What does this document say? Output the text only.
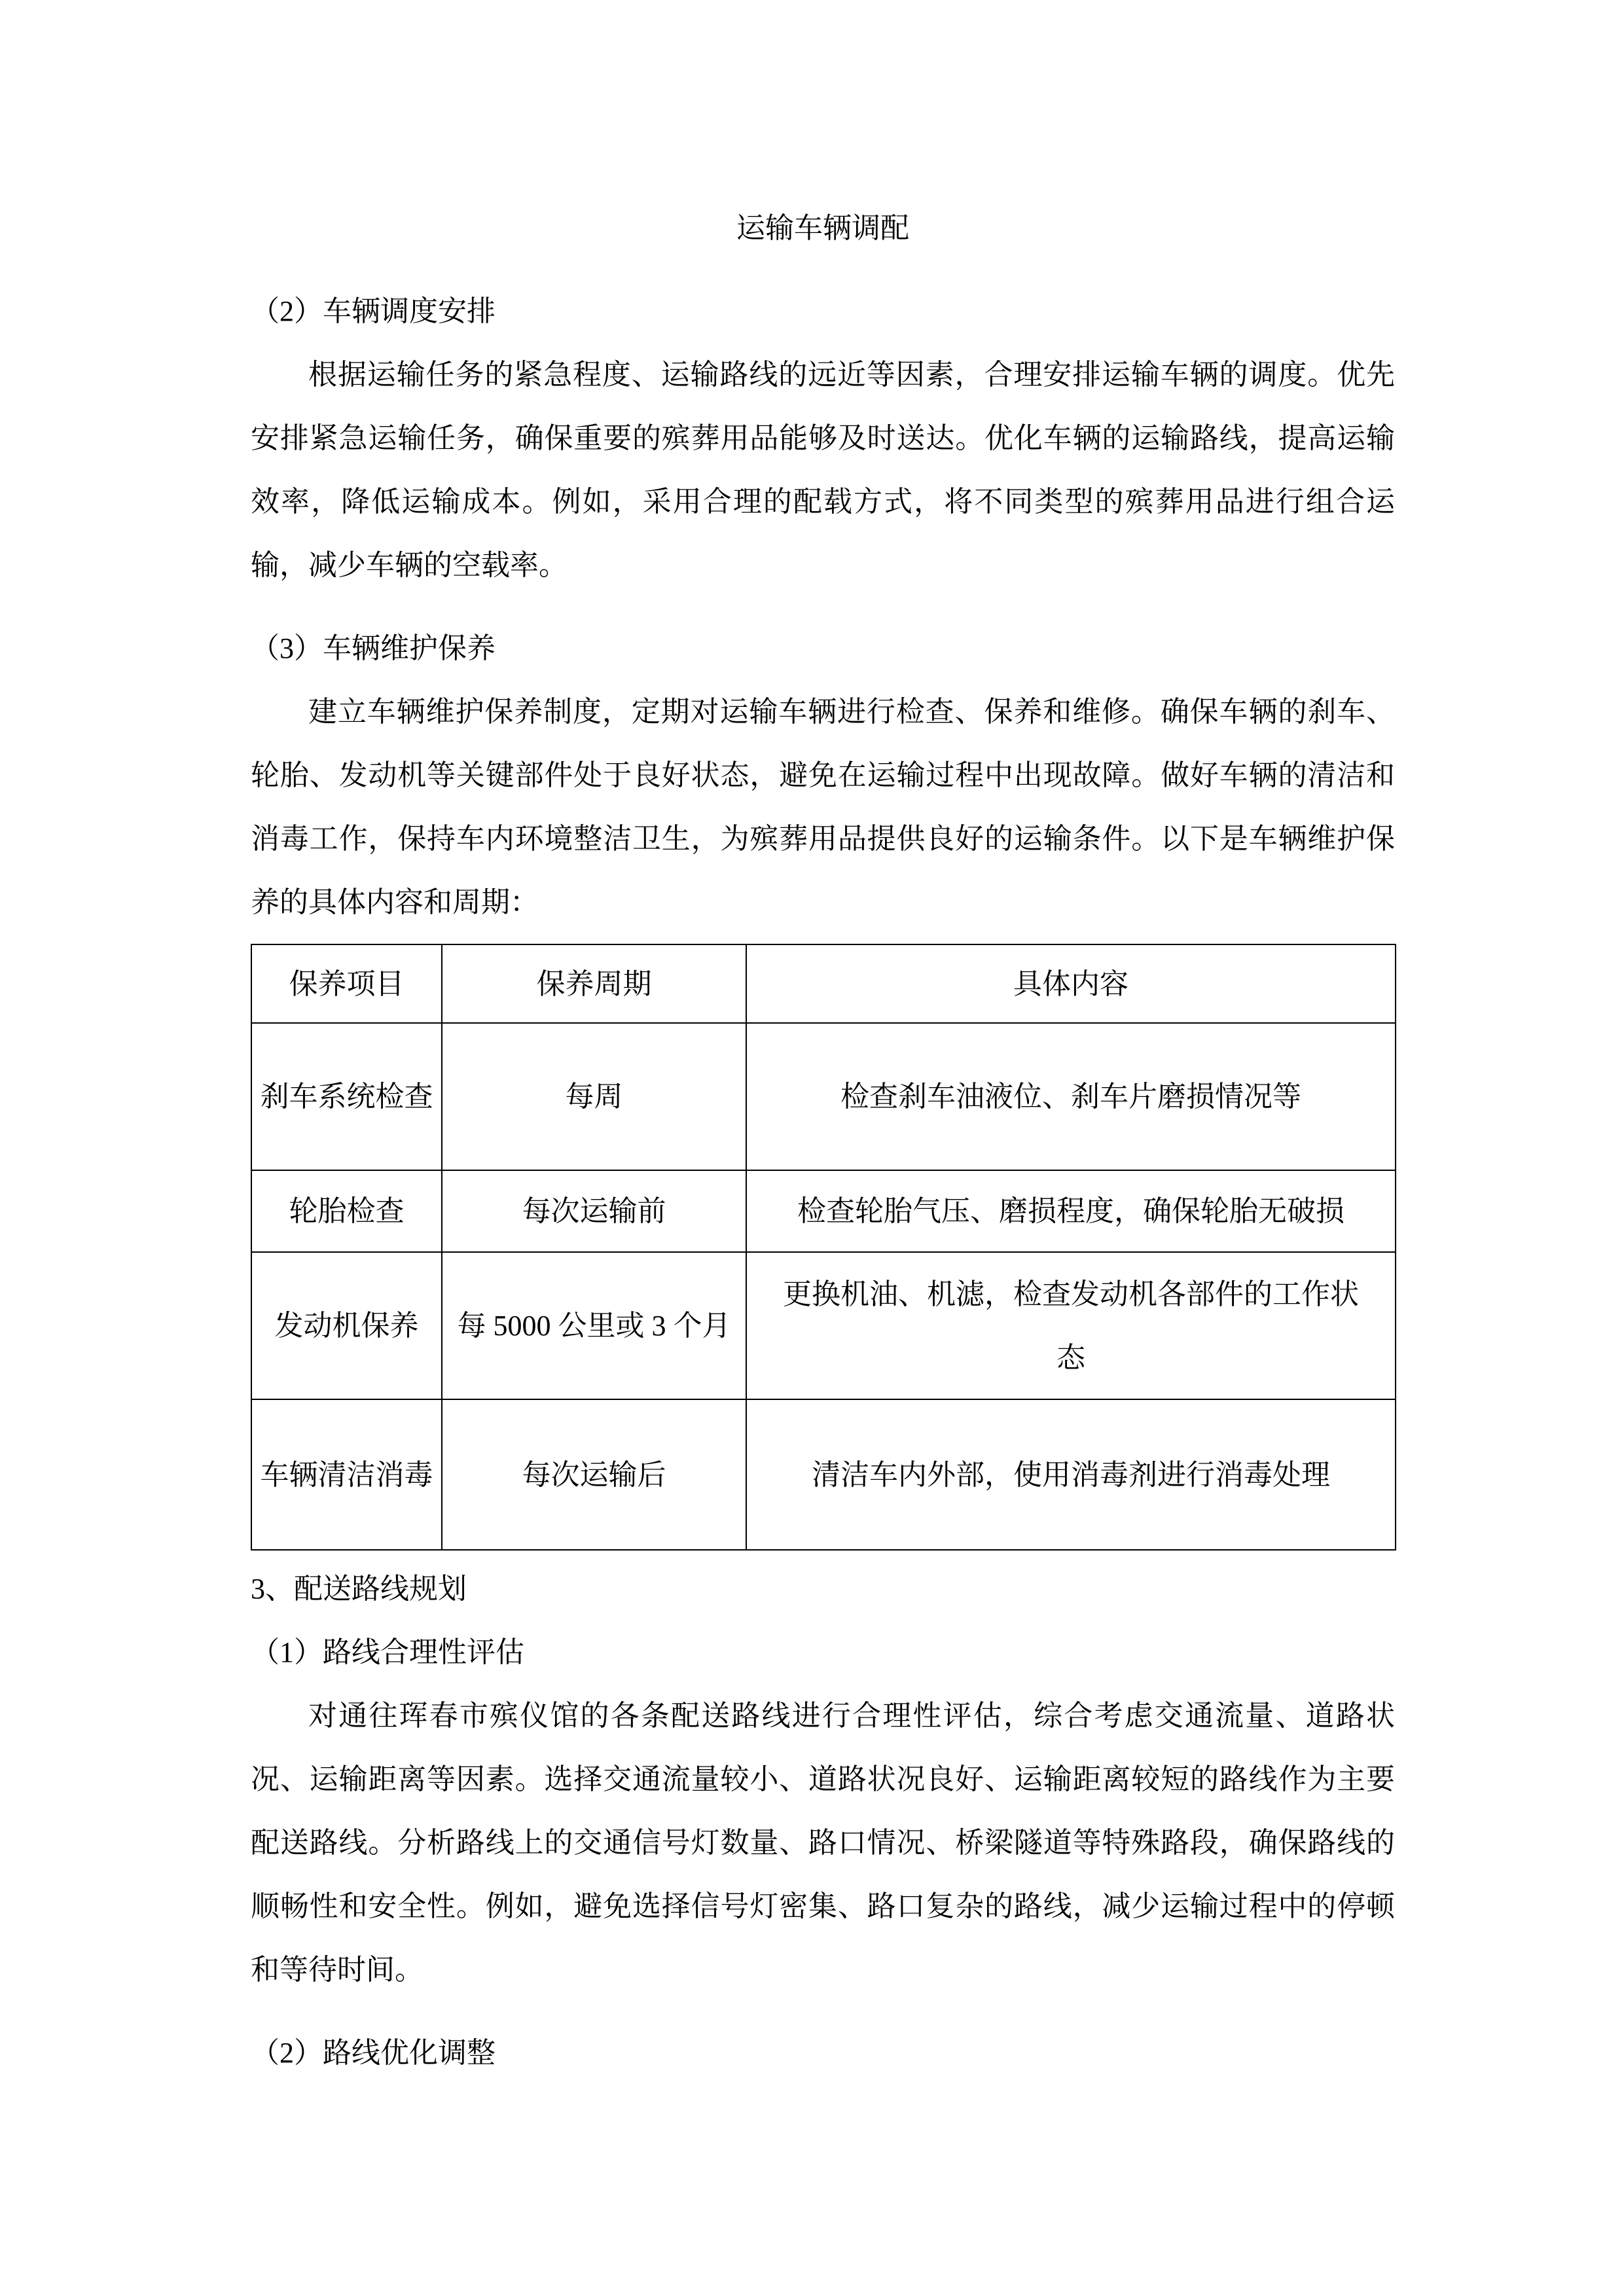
运输车辆调配
（2）车辆调度安排

根据运输任务的紧急程度、运输路线的远近等因素，合理安排运输车辆的调度。优先安排紧急运输任务，确保重要的殡葬用品能够及时送达。优化车辆的运输路线，提高运输效率，降低运输成本。例如，采用合理的配载方式，将不同类型的殡葬用品进行组合运输，减少车辆的空载率。

（3）车辆维护保养

建立车辆维护保养制度，定期对运输车辆进行检查、保养和维修。确保车辆的刹车、轮胎、发动机等关键部件处于良好状态，避免在运输过程中出现故障。做好车辆的清洁和消毒工作，保持车内环境整洁卫生，为殡葬用品提供良好的运输条件。以下是车辆维护保养的具体内容和周期：

保养项目	保养周期	具体内容
刹车系统检查	每周	检查刹车油液位、刹车片磨损情况等
轮胎检查	每次运输前	检查轮胎气压、磨损程度，确保轮胎无破损
发动机保养	每 5000 公里或 3 个月	更换机油、机滤，检查发动机各部件的工作状态
车辆清洁消毒	每次运输后	清洁车内外部，使用消毒剂进行消毒处理
3、配送路线规划
（1）路线合理性评估

对通往珲春市殡仪馆的各条配送路线进行合理性评估，综合考虑交通流量、道路状况、运输距离等因素。选择交通流量较小、道路状况良好、运输距离较短的路线作为主要配送路线。分析路线上的交通信号灯数量、路口情况、桥梁隧道等特殊路段，确保路线的顺畅性和安全性。例如，避免选择信号灯密集、路口复杂的路线，减少运输过程中的停顿和等待时间。

（2）路线优化调整
